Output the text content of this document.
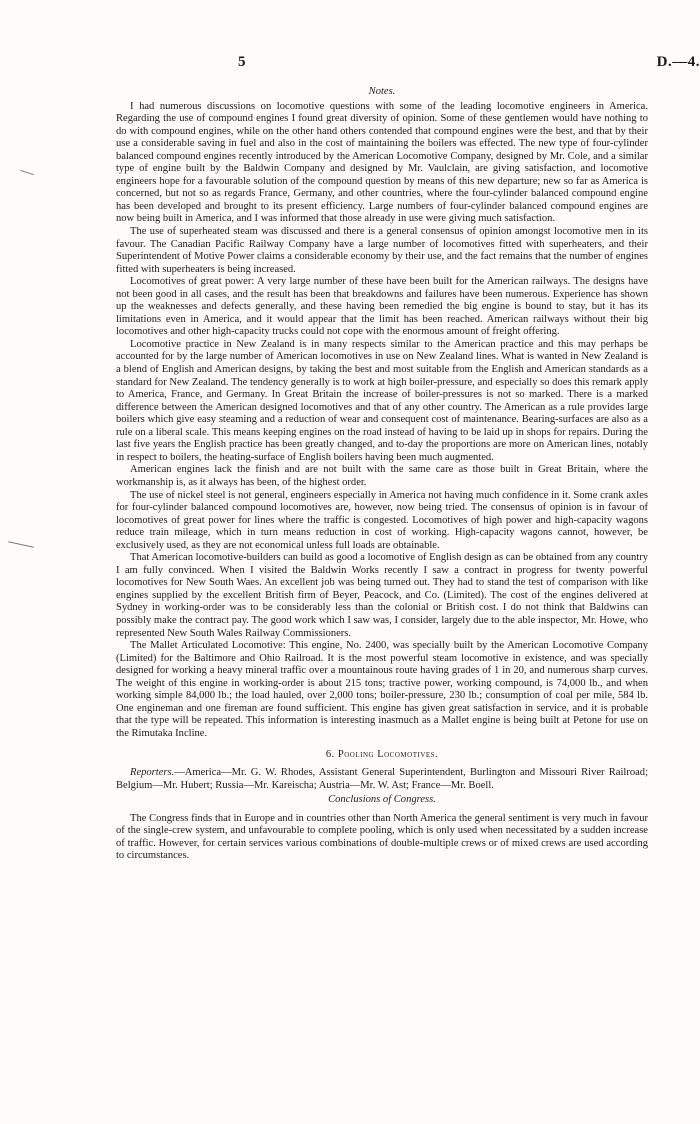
5	D.—4.
Notes.

I had numerous discussions on locomotive questions with some of the leading locomotive engineers in America. Regarding the use of compound engines I found great diversity of opinion. Some of these gentlemen would have nothing to do with compound engines, while on the other hand others contended that compound engines were the best, and that by their use a considerable saving in fuel and also in the cost of maintaining the boilers was effected. The new type of four-cylinder balanced compound engines recently introduced by the American Locomotive Company, designed by Mr. Cole, and a similar type of engine built by the Baldwin Company and designed by Mr. Vaulclain, are giving satisfaction, and locomotive engineers hope for a favourable solution of the compound question by means of this new departure; new so far as America is concerned, but not so as regards France, Germany, and other countries, where the four-cylinder balanced compound engine has been developed and brought to its present efficiency. Large numbers of four-cylinder balanced compound engines are now being built in America, and I was informed that those already in use were giving much satisfaction.

The use of superheated steam was discussed and there is a general consensus of opinion amongst locomotive men in its favour. The Canadian Pacific Railway Company have a large number of locomotives fitted with superheaters, and their Superintendent of Motive Power claims a considerable economy by their use, and the fact remains that the number of engines fitted with superheaters is being increased.

Locomotives of great power: A very large number of these have been built for the American railways. The designs have not been good in all cases, and the result has been that breakdowns and failures have been numerous. Experience has shown up the weaknesses and defects generally, and these having been remedied the big engine is bound to stay, but it has its limitations even in America, and it would appear that the limit has been reached. American railways without their big locomotives and other high-capacity trucks could not cope with the enormous amount of freight offering.

Locomotive practice in New Zealand is in many respects similar to the American practice and this may perhaps be accounted for by the large number of American locomotives in use on New Zealand lines. What is wanted in New Zealand is a blend of English and American designs, by taking the best and most suitable from the English and American standards as a standard for New Zealand. The tendency generally is to work at high boiler-pressure, and especially so does this remark apply to America, France, and Germany. In Great Britain the increase of boiler-pressures is not so marked. There is a marked difference between the American designed locomotives and that of any other country. The American as a rule provides large boilers which give easy steaming and a reduction of wear and consequent cost of maintenance. Bearing-surfaces are also as a rule on a liberal scale. This means keeping engines on the road instead of having to be laid up in shops for repairs. During the last five years the English practice has been greatly changed, and to-day the proportions are more on American lines, notably in respect to boilers, the heating-surface of English boilers having been much augmented.

American engines lack the finish and are not built with the same care as those built in Great Britain, where the workmanship is, as it always has been, of the highest order.

The use of nickel steel is not general, engineers especially in America not having much confidence in it. Some crank axles for four-cylinder balanced compound locomotives are, however, now being tried. The consensus of opinion is in favour of locomotives of great power for lines where the traffic is congested. Locomotives of high power and high-capacity wagons reduce train mileage, which in turn means reduction in cost of working. High-capacity wagons cannot, however, be exclusively used, as they are not economical unless full loads are obtainable.

That American locomotive-builders can build as good a locomotive of English design as can be obtained from any country I am fully convinced. When I visited the Baldwin Works recently I saw a contract in progress for twenty powerful locomotives for New South Waes. An excellent job was being turned out. They had to stand the test of comparison with like engines supplied by the excellent British firm of Beyer, Peacock, and Co. (Limited). The cost of the engines delivered at Sydney in working-order was to be considerably less than the colonial or British cost. I do not think that Baldwins can possibly make the contract pay. The good work which I saw was, I consider, largely due to the able inspector, Mr. Howe, who represented New South Wales Railway Commissioners.

The Mallet Articulated Locomotive: This engine, No. 2400, was specially built by the American Locomotive Company (Limited) for the Baltimore and Ohio Railroad. It is the most powerful steam locomotive in existence, and was specially designed for working a heavy mineral traffic over a mountainous route having grades of 1 in 20, and numerous sharp curves. The weight of this engine in working-order is about 215 tons; tractive power, working compound, is 74,000 lb., and when working simple 84,000 lb.; the load hauled, over 2,000 tons; boiler-pressure, 230 lb.; consumption of coal per mile, 584 lb. One engineman and one fireman are found sufficient. This engine has given great satisfaction in service, and it is probable that the type will be repeated. This information is interesting inasmuch as a Mallet engine is being built at Petone for use on the Rimutaka Incline.

6. Pooling Locomotives.

Reporters.—America—Mr. G. W. Rhodes, Assistant General Superintendent, Burlington and Missouri River Railroad; Belgium—Mr. Hubert; Russia—Mr. Kareischa; Austria—Mr. W. Ast; France—Mr. Boell.

Conclusions of Congress.

The Congress finds that in Europe and in countries other than North America the general sentiment is very much in favour of the single-crew system, and unfavourable to complete pooling, which is only used when necessitated by a sudden increase of traffic. However, for certain services various combinations of double-multiple crews or of mixed crews are used according to circumstances.
